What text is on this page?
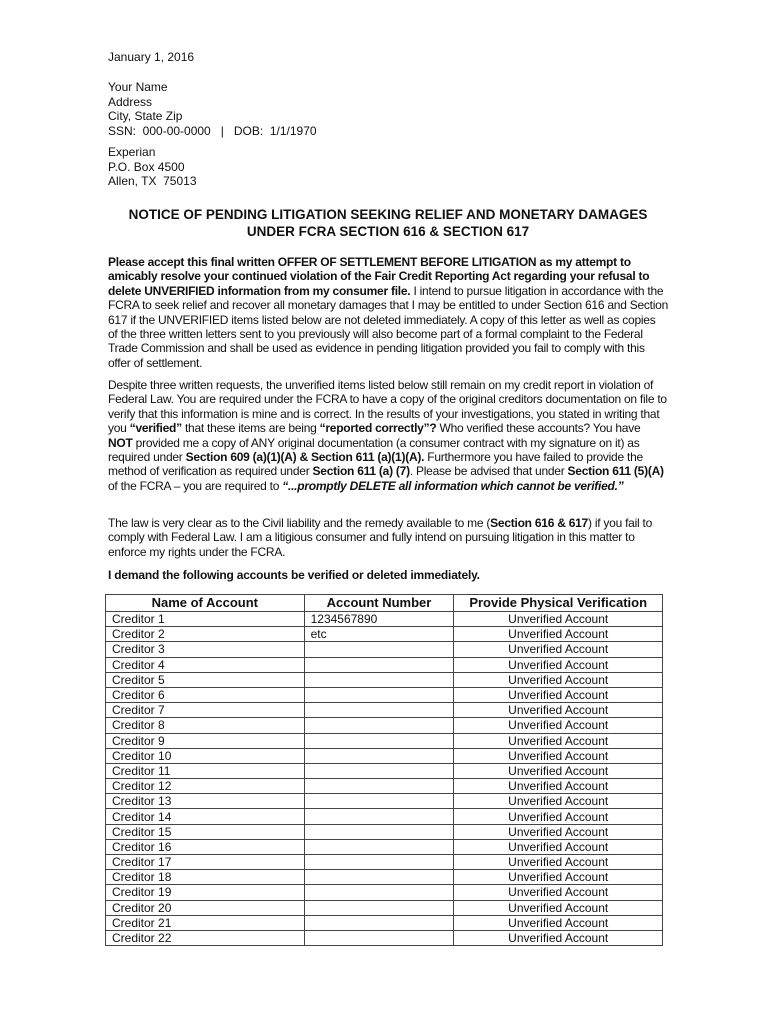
January 1, 2016
Your Name
Address
City, State Zip
SSN:  000-00-0000   |   DOB:  1/1/1970
Experian
P.O. Box 4500
Allen, TX  75013
NOTICE OF PENDING LITIGATION SEEKING RELIEF AND MONETARY DAMAGES
UNDER FCRA SECTION 616 & SECTION 617
Please accept this final written OFFER OF SETTLEMENT BEFORE LITIGATION as my attempt to amicably resolve your continued violation of the Fair Credit Reporting Act regarding your refusal to delete UNVERIFIED information from my consumer file. I intend to pursue litigation in accordance with the FCRA to seek relief and recover all monetary damages that I may be entitled to under Section 616 and Section 617 if the UNVERIFIED items listed below are not deleted immediately. A copy of this letter as well as copies of the three written letters sent to you previously will also become part of a formal complaint to the Federal Trade Commission and shall be used as evidence in pending litigation provided you fail to comply with this offer of settlement.
Despite three written requests, the unverified items listed below still remain on my credit report in violation of Federal Law. You are required under the FCRA to have a copy of the original creditors documentation on file to verify that this information is mine and is correct. In the results of your investigations, you stated in writing that you “verified” that these items are being “reported correctly”? Who verified these accounts? You have NOT provided me a copy of ANY original documentation (a consumer contract with my signature on it) as required under Section 609 (a)(1)(A) & Section 611 (a)(1)(A). Furthermore you have failed to provide the method of verification as required under Section 611 (a) (7). Please be advised that under Section 611 (5)(A) of the FCRA – you are required to “...promptly DELETE all information which cannot be verified.”
The law is very clear as to the Civil liability and the remedy available to me (Section 616 & 617) if you fail to comply with Federal Law. I am a litigious consumer and fully intend on pursuing litigation in this matter to enforce my rights under the FCRA.
I demand the following accounts be verified or deleted immediately.
Name of Account	Account Number	Provide Physical Verification
Creditor 1	1234567890	Unverified Account
Creditor 2	etc	Unverified Account
Creditor 3		Unverified Account
Creditor 4		Unverified Account
Creditor 5		Unverified Account
Creditor 6		Unverified Account
Creditor 7		Unverified Account
Creditor 8		Unverified Account
Creditor 9		Unverified Account
Creditor 10		Unverified Account
Creditor 11		Unverified Account
Creditor 12		Unverified Account
Creditor 13		Unverified Account
Creditor 14		Unverified Account
Creditor 15		Unverified Account
Creditor 16		Unverified Account
Creditor 17		Unverified Account
Creditor 18		Unverified Account
Creditor 19		Unverified Account
Creditor 20		Unverified Account
Creditor 21		Unverified Account
Creditor 22		Unverified Account
